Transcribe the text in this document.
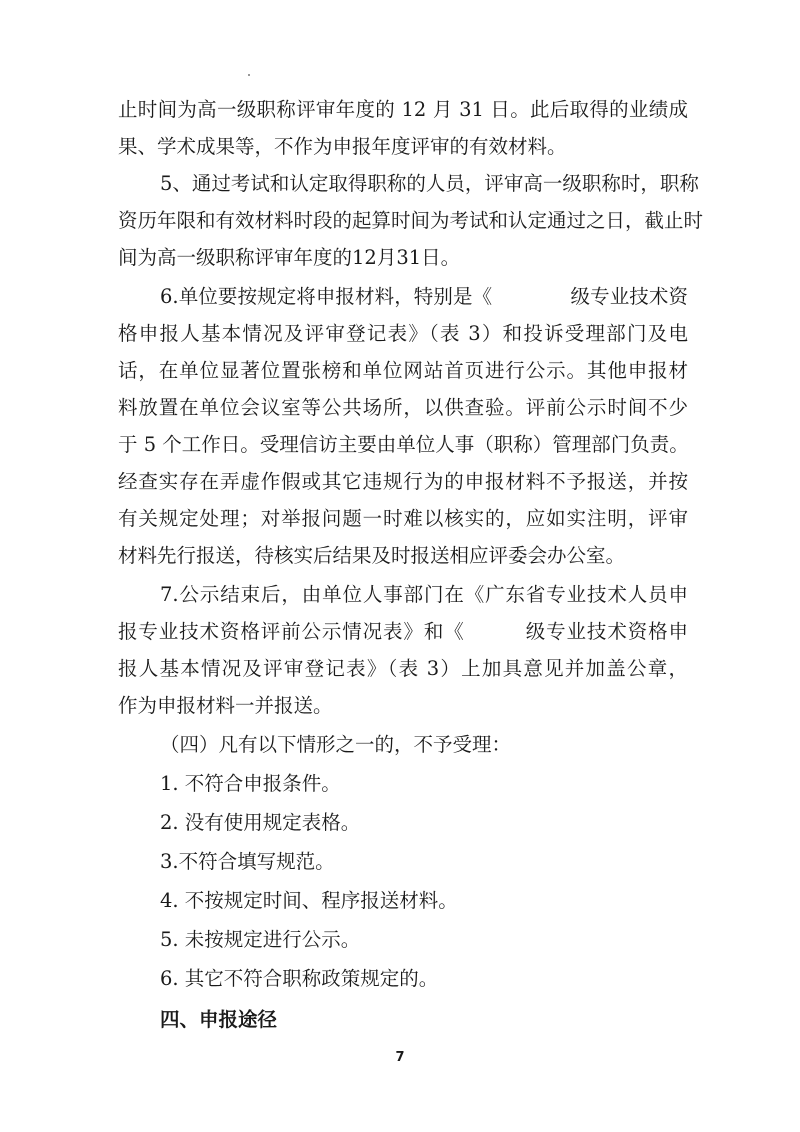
止时间为高一级职称评审年度的 12 月 31 日。此后取得的业绩成
果、学术成果等，不作为申报年度评审的有效材料。
5、通过考试和认定取得职称的人员，评审高一级职称时，职称
资历年限和有效材料时段的起算时间为考试和认定通过之日，截止时
间为高一级职称评审年度的12月31日。
6.单位要按规定将申报材料，特别是《　　　　级专业技术资
格申报人基本情况及评审登记表》（表 3）和投诉受理部门及电
话，在单位显著位置张榜和单位网站首页进行公示。其他申报材
料放置在单位会议室等公共场所，以供查验。评前公示时间不少
于 5 个工作日。受理信访主要由单位人事（职称）管理部门负责。
经查实存在弄虚作假或其它违规行为的申报材料不予报送，并按
有关规定处理；对举报问题一时难以核实的，应如实注明，评审
材料先行报送，待核实后结果及时报送相应评委会办公室。
7.公示结束后，由单位人事部门在《广东省专业技术人员申
报专业技术资格评前公示情况表》和《　　　级专业技术资格申
报人基本情况及评审登记表》（表 3）上加具意见并加盖公章，
作为申报材料一并报送。
（四）凡有以下情形之一的，不予受理：
1. 不符合申报条件。
2. 没有使用规定表格。
3.不符合填写规范。
4. 不按规定时间、程序报送材料。
5. 未按规定进行公示。
6. 其它不符合职称政策规定的。
四、申报途径
7
